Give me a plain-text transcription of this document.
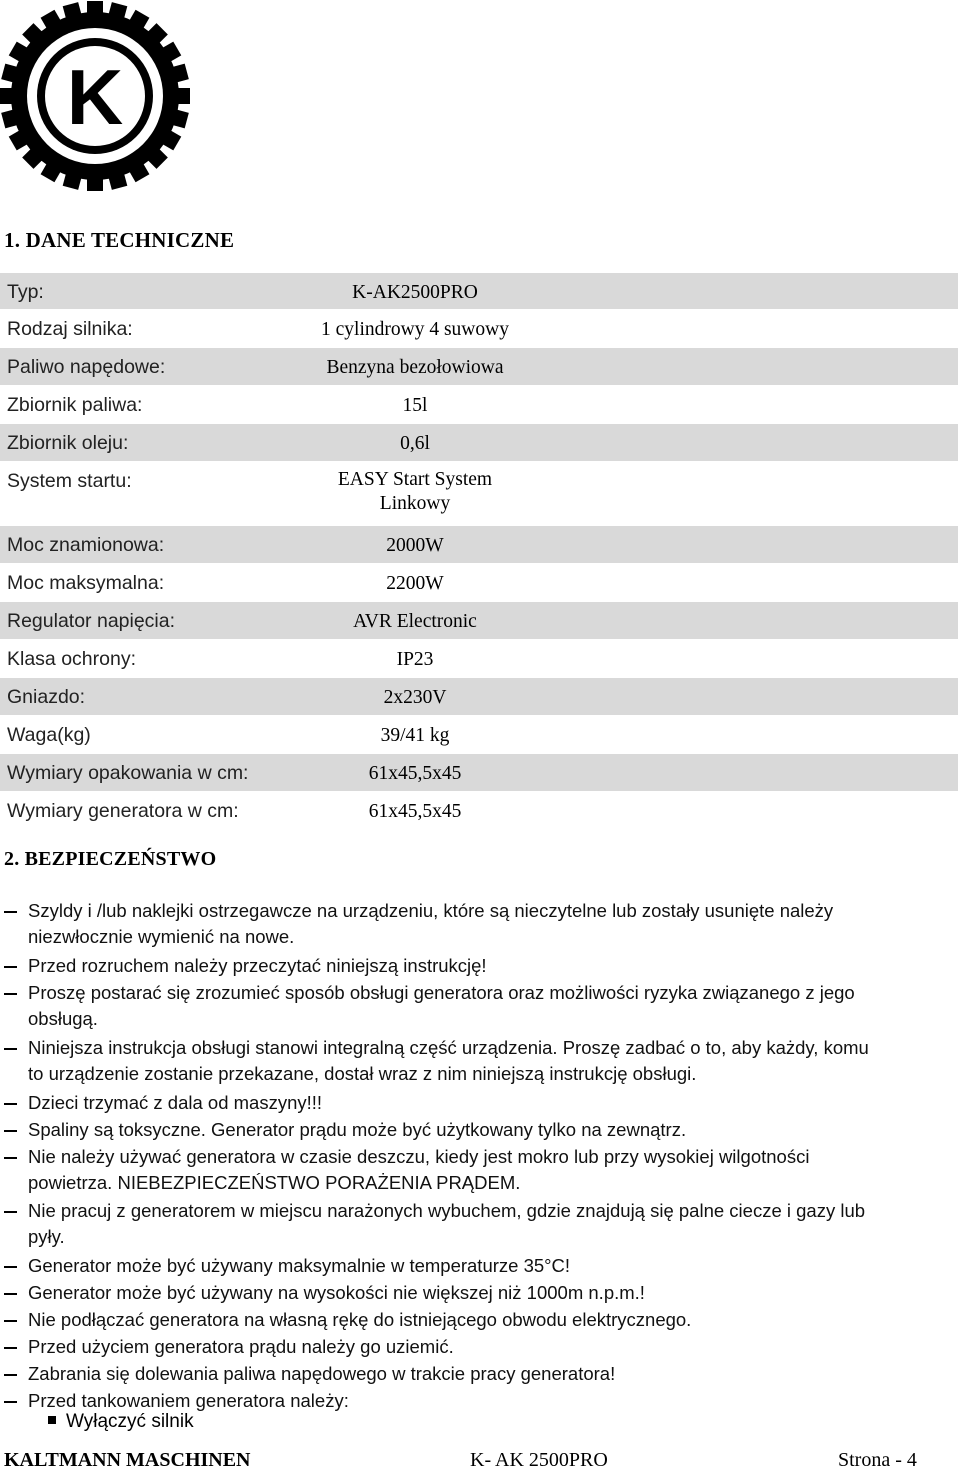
K
1. DANE TECHNICZNE
Typ:	K-AK2500PRO
Rodzaj silnika:	1 cylindrowy 4 suwowy
Paliwo napędowe:	Benzyna bezołowiowa
Zbiornik paliwa:	15l
Zbiornik oleju:	0,6l
System startu:	EASY Start System
Linkowy
Moc znamionowa:	2000W
Moc maksymalna:	2200W
Regulator napięcia:	AVR Electronic
Klasa ochrony:	IP23
Gniazdo:	2x230V
Waga(kg)	39/41 kg
Wymiary opakowania w cm:	61x45,5x45
Wymiary generatora w cm:	61x45,5x45
2. BEZPIECZEŃSTWO
Szyldy i /lub naklejki ostrzegawcze na urządzeniu, które są nieczytelne lub zostały usunięte należy
niezwłocznie wymienić na nowe.
Przed rozruchem należy przeczytać niniejszą instrukcję!
Proszę postarać się zrozumieć sposób obsługi generatora oraz możliwości ryzyka związanego z jego
obsługą.
Niniejsza instrukcja obsługi stanowi integralną część urządzenia. Proszę zadbać o to, aby każdy, komu
to urządzenie zostanie przekazane, dostał wraz z nim niniejszą instrukcję obsługi.
Dzieci trzymać z dala od maszyny!!!
Spaliny są toksyczne. Generator prądu może być użytkowany tylko na zewnątrz.
Nie należy używać generatora w czasie deszczu, kiedy jest mokro lub przy wysokiej wilgotności
powietrza. NIEBEZPIECZEŃSTWO PORAŻENIA PRĄDEM.
Nie pracuj z generatorem w miejscu narażonych wybuchem, gdzie znajdują się palne ciecze i gazy lub
pyły.
Generator może być używany maksymalnie w temperaturze 35°C!
Generator może być używany na wysokości nie większej niż 1000m n.p.m.!
Nie podłączać generatora na własną rękę do istniejącego obwodu elektrycznego.
Przed użyciem generatora prądu należy go uziemić.
Zabrania się dolewania paliwa napędowego w trakcie pracy generatora!
Przed tankowaniem generatora należy:
Wyłączyć silnik
KALTMANN MASCHINEN	K- AK 2500PRO	Strona - 4
